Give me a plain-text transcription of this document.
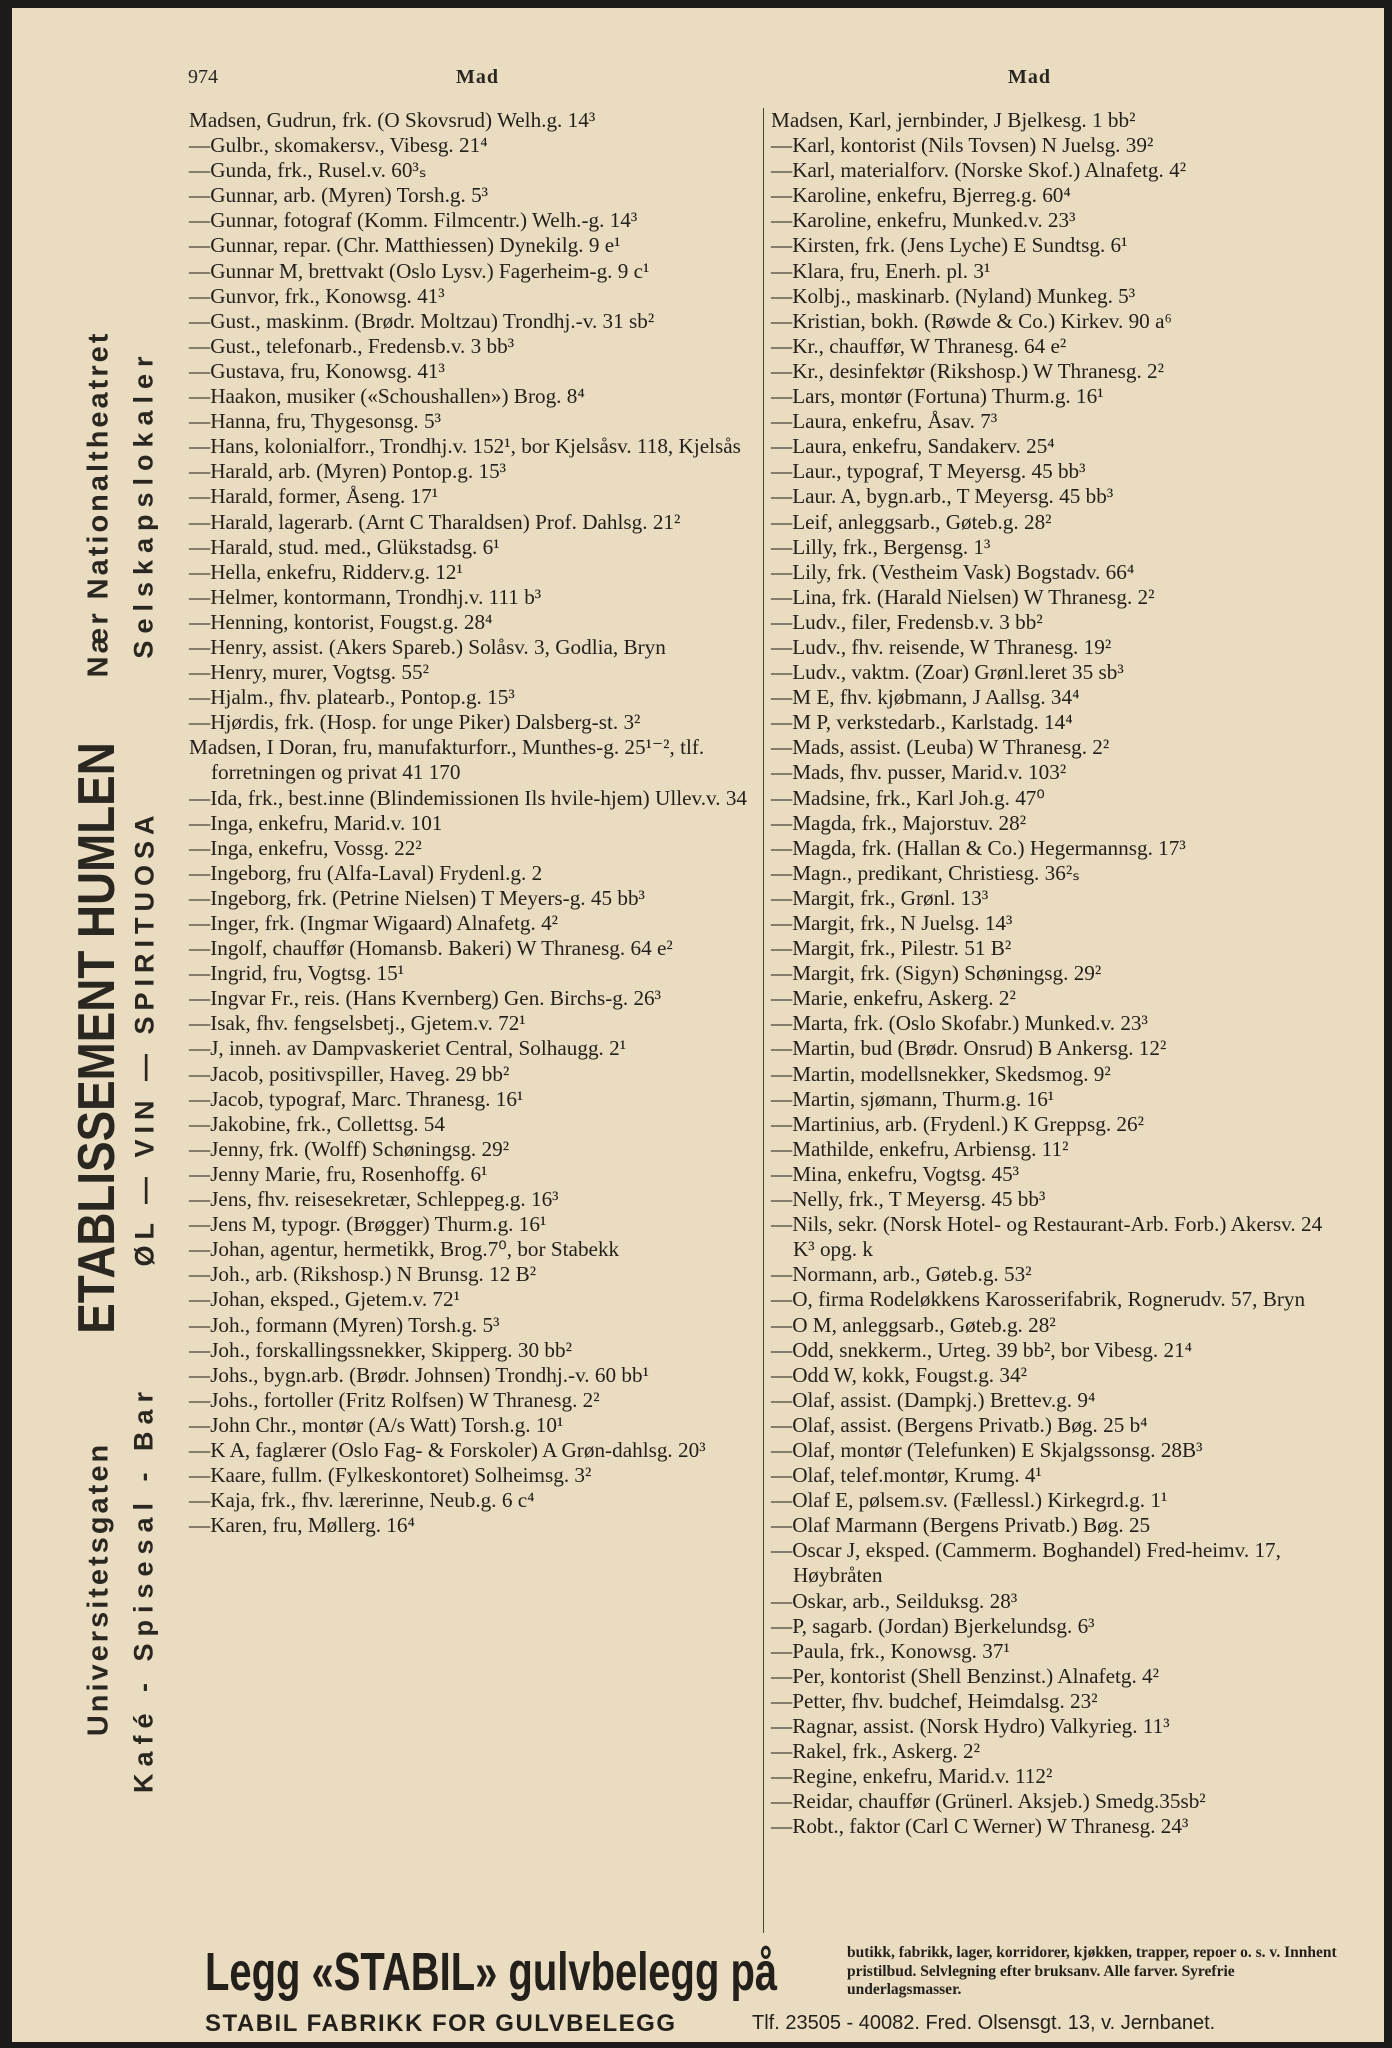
Nær Nationaltheatret Selskapslokaler
ETABLISSEMENT HUMLEN ØL — VIN — SPIRITUOSA
Universitetsgaten Kafé - Spisesal - Bar
974	Mad	Mad
Madsen, Gudrun, frk. (O Skovsrud) Welh.g. 14³
—Gulbr., skomakersv., Vibesg. 21⁴
—Gunda, frk., Rusel.v. 60³ₛ
—Gunnar, arb. (Myren) Torsh.g. 5³
—Gunnar, fotograf (Komm. Filmcentr.) Welh.-g. 14³
—Gunnar, repar. (Chr. Matthiessen) Dynekilg. 9 e¹
—Gunnar M, brettvakt (Oslo Lysv.) Fagerheim-g. 9 c¹
—Gunvor, frk., Konowsg. 41³
—Gust., maskinm. (Brødr. Moltzau) Trondhj.-v. 31 sb²
—Gust., telefonarb., Fredensb.v. 3 bb³
—Gustava, fru, Konowsg. 41³
—Haakon, musiker («Schoushallen») Brog. 8⁴
—Hanna, fru, Thygesonsg. 5³
—Hans, kolonialforr., Trondhj.v. 152¹, bor Kjelsåsv. 118, Kjelsås
—Harald, arb. (Myren) Pontop.g. 15³
—Harald, former, Åseng. 17¹
—Harald, lagerarb. (Arnt C Tharaldsen) Prof. Dahlsg. 21²
—Harald, stud. med., Glükstadsg. 6¹
—Hella, enkefru, Ridderv.g. 12¹
—Helmer, kontormann, Trondhj.v. 111 b³
—Henning, kontorist, Fougst.g. 28⁴
—Henry, assist. (Akers Spareb.) Solåsv. 3, Godlia, Bryn
—Henry, murer, Vogtsg. 55²
—Hjalm., fhv. platearb., Pontop.g. 15³
—Hjørdis, frk. (Hosp. for unge Piker) Dalsberg-st. 3²
Madsen, I Doran, fru, manufakturforr., Munthes-g. 25¹⁻², tlf. forretningen og privat 41 170
—Ida, frk., best.inne (Blindemissionen Ils hvile-hjem) Ullev.v. 34
—Inga, enkefru, Marid.v. 101
—Inga, enkefru, Vossg. 22²
—Ingeborg, fru (Alfa-Laval) Frydenl.g. 2
—Ingeborg, frk. (Petrine Nielsen) T Meyers-g. 45 bb³
—Inger, frk. (Ingmar Wigaard) Alnafetg. 4²
—Ingolf, chauffør (Homansb. Bakeri) W Thranesg. 64 e²
—Ingrid, fru, Vogtsg. 15¹
—Ingvar Fr., reis. (Hans Kvernberg) Gen. Birchs-g. 26³
—Isak, fhv. fengselsbetj., Gjetem.v. 72¹
—J, inneh. av Dampvaskeriet Central, Solhaugg. 2¹
—Jacob, positivspiller, Haveg. 29 bb²
—Jacob, typograf, Marc. Thranesg. 16¹
—Jakobine, frk., Collettsg. 54
—Jenny, frk. (Wolff) Schøningsg. 29²
—Jenny Marie, fru, Rosenhoffg. 6¹
—Jens, fhv. reisesekretær, Schleppeg.g. 16³
—Jens M, typogr. (Brøgger) Thurm.g. 16¹
—Johan, agentur, hermetikk, Brog.7⁰, bor Stabekk
—Joh., arb. (Rikshosp.) N Brunsg. 12 B²
—Johan, eksped., Gjetem.v. 72¹
—Joh., formann (Myren) Torsh.g. 5³
—Joh., forskallingssnekker, Skipperg. 30 bb²
—Johs., bygn.arb. (Brødr. Johnsen) Trondhj.-v. 60 bb¹
—Johs., fortoller (Fritz Rolfsen) W Thranesg. 2²
—John Chr., montør (A/s Watt) Torsh.g. 10¹
—K A, faglærer (Oslo Fag- & Forskoler) A Grøn-dahlsg. 20³
—Kaare, fullm. (Fylkeskontoret) Solheimsg. 3²
—Kaja, frk., fhv. lærerinne, Neub.g. 6 c⁴
—Karen, fru, Møllerg. 16⁴
Madsen, Karl, jernbinder, J Bjelkesg. 1 bb²
—Karl, kontorist (Nils Tovsen) N Juelsg. 39²
—Karl, materialforv. (Norske Skof.) Alnafetg. 4²
—Karoline, enkefru, Bjerreg.g. 60⁴
—Karoline, enkefru, Munked.v. 23³
—Kirsten, frk. (Jens Lyche) E Sundtsg. 6¹
—Klara, fru, Enerh. pl. 3¹
—Kolbj., maskinarb. (Nyland) Munkeg. 5³
—Kristian, bokh. (Røwde & Co.) Kirkev. 90 a⁶
—Kr., chauffør, W Thranesg. 64 e²
—Kr., desinfektør (Rikshosp.) W Thranesg. 2²
—Lars, montør (Fortuna) Thurm.g. 16¹
—Laura, enkefru, Åsav. 7³
—Laura, enkefru, Sandakerv. 25⁴
—Laur., typograf, T Meyersg. 45 bb³
—Laur. A, bygn.arb., T Meyersg. 45 bb³
—Leif, anleggsarb., Gøteb.g. 28²
—Lilly, frk., Bergensg. 1³
—Lily, frk. (Vestheim Vask) Bogstadv. 66⁴
—Lina, frk. (Harald Nielsen) W Thranesg. 2²
—Ludv., filer, Fredensb.v. 3 bb²
—Ludv., fhv. reisende, W Thranesg. 19²
—Ludv., vaktm. (Zoar) Grønl.leret 35 sb³
—M E, fhv. kjøbmann, J Aallsg. 34⁴
—M P, verkstedarb., Karlstadg. 14⁴
—Mads, assist. (Leuba) W Thranesg. 2²
—Mads, fhv. pusser, Marid.v. 103²
—Madsine, frk., Karl Joh.g. 47⁰
—Magda, frk., Majorstuv. 28²
—Magda, frk. (Hallan & Co.) Hegermannsg. 17³
—Magn., predikant, Christiesg. 36²ₛ
—Margit, frk., Grønl. 13³
—Margit, frk., N Juelsg. 14³
—Margit, frk., Pilestr. 51 B²
—Margit, frk. (Sigyn) Schøningsg. 29²
—Marie, enkefru, Askerg. 2²
—Marta, frk. (Oslo Skofabr.) Munked.v. 23³
—Martin, bud (Brødr. Onsrud) B Ankersg. 12²
—Martin, modellsnekker, Skedsmog. 9²
—Martin, sjømann, Thurm.g. 16¹
—Martinius, arb. (Frydenl.) K Greppsg. 26²
—Mathilde, enkefru, Arbiensg. 11²
—Mina, enkefru, Vogtsg. 45³
—Nelly, frk., T Meyersg. 45 bb³
—Nils, sekr. (Norsk Hotel- og Restaurant-Arb. Forb.) Akersv. 24 K³ opg. k
—Normann, arb., Gøteb.g. 53²
—O, firma Rodeløkkens Karosserifabrik, Rognerudv. 57, Bryn
—O M, anleggsarb., Gøteb.g. 28²
—Odd, snekkerm., Urteg. 39 bb², bor Vibesg. 21⁴
—Odd W, kokk, Fougst.g. 34²
—Olaf, assist. (Dampkj.) Brettev.g. 9⁴
—Olaf, assist. (Bergens Privatb.) Bøg. 25 b⁴
—Olaf, montør (Telefunken) E Skjalgssonsg. 28B³
—Olaf, telef.montør, Krumg. 4¹
—Olaf E, pølsem.sv. (Fællessl.) Kirkegrd.g. 1¹
—Olaf Marmann (Bergens Privatb.) Bøg. 25
—Oscar J, eksped. (Cammerm. Boghandel) Fred-heimv. 17, Høybråten
—Oskar, arb., Seilduksg. 28³
—P, sagarb. (Jordan) Bjerkelundsg. 6³
—Paula, frk., Konowsg. 37¹
—Per, kontorist (Shell Benzinst.) Alnafetg. 4²
—Petter, fhv. budchef, Heimdalsg. 23²
—Ragnar, assist. (Norsk Hydro) Valkyrieg. 11³
—Rakel, frk., Askerg. 2²
—Regine, enkefru, Marid.v. 112²
—Reidar, chauffør (Grünerl. Aksjeb.) Smedg.35sb²
—Robt., faktor (Carl C Werner) W Thranesg. 24³
Legg «STABIL» gulvbelegg på	butikk, fabrikk, lager, korridorer, kjøkken, trapper, repoer o. s. v. Innhent pristilbud. Selvlegning efter bruksanv. Alle farver. Syrefrie underlagsmasser.
STABIL FABRIKK FOR GULVBELEGG	Tlf. 23505 - 40082. Fred. Olsensgt. 13, v. Jernbanet.
